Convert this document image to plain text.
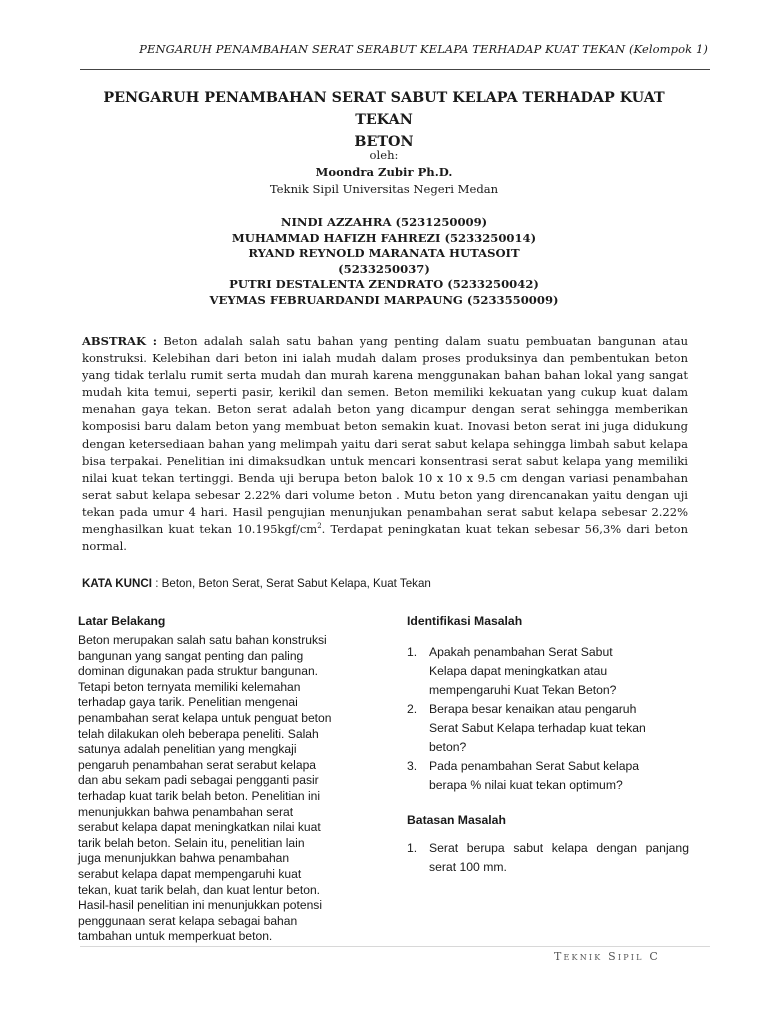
PENGARUH PENAMBAHAN SERAT SERABUT KELAPA TERHADAP KUAT TEKAN (Kelompok 1)
PENGARUH PENAMBAHAN SERAT SABUT KELAPA TERHADAP KUAT TEKAN
BETON
oleh:
Moondra Zubir Ph.D.
Teknik Sipil Universitas Negeri Medan
NINDI AZZAHRA (5231250009)
MUHAMMAD HAFIZH FAHREZI (5233250014)
RYAND REYNOLD MARANATA HUTASOIT
(5233250037)
PUTRI DESTALENTA ZENDRATO (5233250042)
VEYMAS FEBRUARDANDI MARPAUNG (5233550009)
ABSTRAK : Beton adalah salah satu bahan yang penting dalam suatu pembuatan bangunan atau konstruksi. Kelebihan dari beton ini ialah mudah dalam proses produksinya dan pembentukan beton yang tidak terlalu rumit serta mudah dan murah karena menggunakan bahan bahan lokal yang sangat mudah kita temui, seperti pasir, kerikil dan semen. Beton memiliki kekuatan yang cukup kuat dalam menahan gaya tekan. Beton serat adalah beton yang dicampur dengan serat sehingga memberikan komposisi baru dalam beton yang membuat beton semakin kuat. Inovasi beton serat ini juga didukung dengan ketersediaan bahan yang melimpah yaitu dari serat sabut kelapa sehingga limbah sabut kelapa bisa terpakai. Penelitian ini dimaksudkan untuk mencari konsentrasi serat sabut kelapa yang memiliki nilai kuat tekan tertinggi. Benda uji berupa beton balok 10 x 10 x 9.5 cm dengan variasi penambahan serat sabut kelapa sebesar 2.22% dari volume beton . Mutu beton yang direncanakan yaitu dengan uji tekan pada umur 4 hari. Hasil pengujian menunjukan penambahan serat sabut kelapa sebesar 2.22% menghasilkan kuat tekan $10.195kgf/cm^2$. Terdapat peningkatan kuat tekan sebesar 56,3% dari beton normal.
KATA KUNCI : Beton, Beton Serat, Serat Sabut Kelapa, Kuat Tekan
Latar Belakang
Beton merupakan salah satu bahan konstruksi
bangunan yang sangat penting dan paling
dominan digunakan pada struktur bangunan.
Tetapi beton ternyata memiliki kelemahan
terhadap gaya tarik. Penelitian mengenai
penambahan serat kelapa untuk penguat beton
telah dilakukan oleh beberapa peneliti. Salah
satunya adalah penelitian yang mengkaji
pengaruh penambahan serat serabut kelapa
dan abu sekam padi sebagai pengganti pasir
terhadap kuat tarik belah beton. Penelitian ini
menunjukkan bahwa penambahan serat
serabut kelapa dapat meningkatkan nilai kuat
tarik belah beton. Selain itu, penelitian lain
juga menunjukkan bahwa penambahan
serabut kelapa dapat mempengaruhi kuat
tekan, kuat tarik belah, dan kuat lentur beton.
Hasil-hasil penelitian ini menunjukkan potensi
penggunaan serat kelapa sebagai bahan
tambahan untuk memperkuat beton.
Identifikasi Masalah
1. Apakah penambahan Serat Sabut
Kelapa dapat meningkatkan atau
mempengaruhi Kuat Tekan Beton?
2. Berapa besar kenaikan atau pengaruh
Serat Sabut Kelapa terhadap kuat tekan
beton?
3. Pada penambahan Serat Sabut kelapa
berapa % nilai kuat tekan optimum?
Batasan Masalah
1. Serat berupa sabut kelapa dengan panjang serat 100 mm.
Teknik Sipil C
